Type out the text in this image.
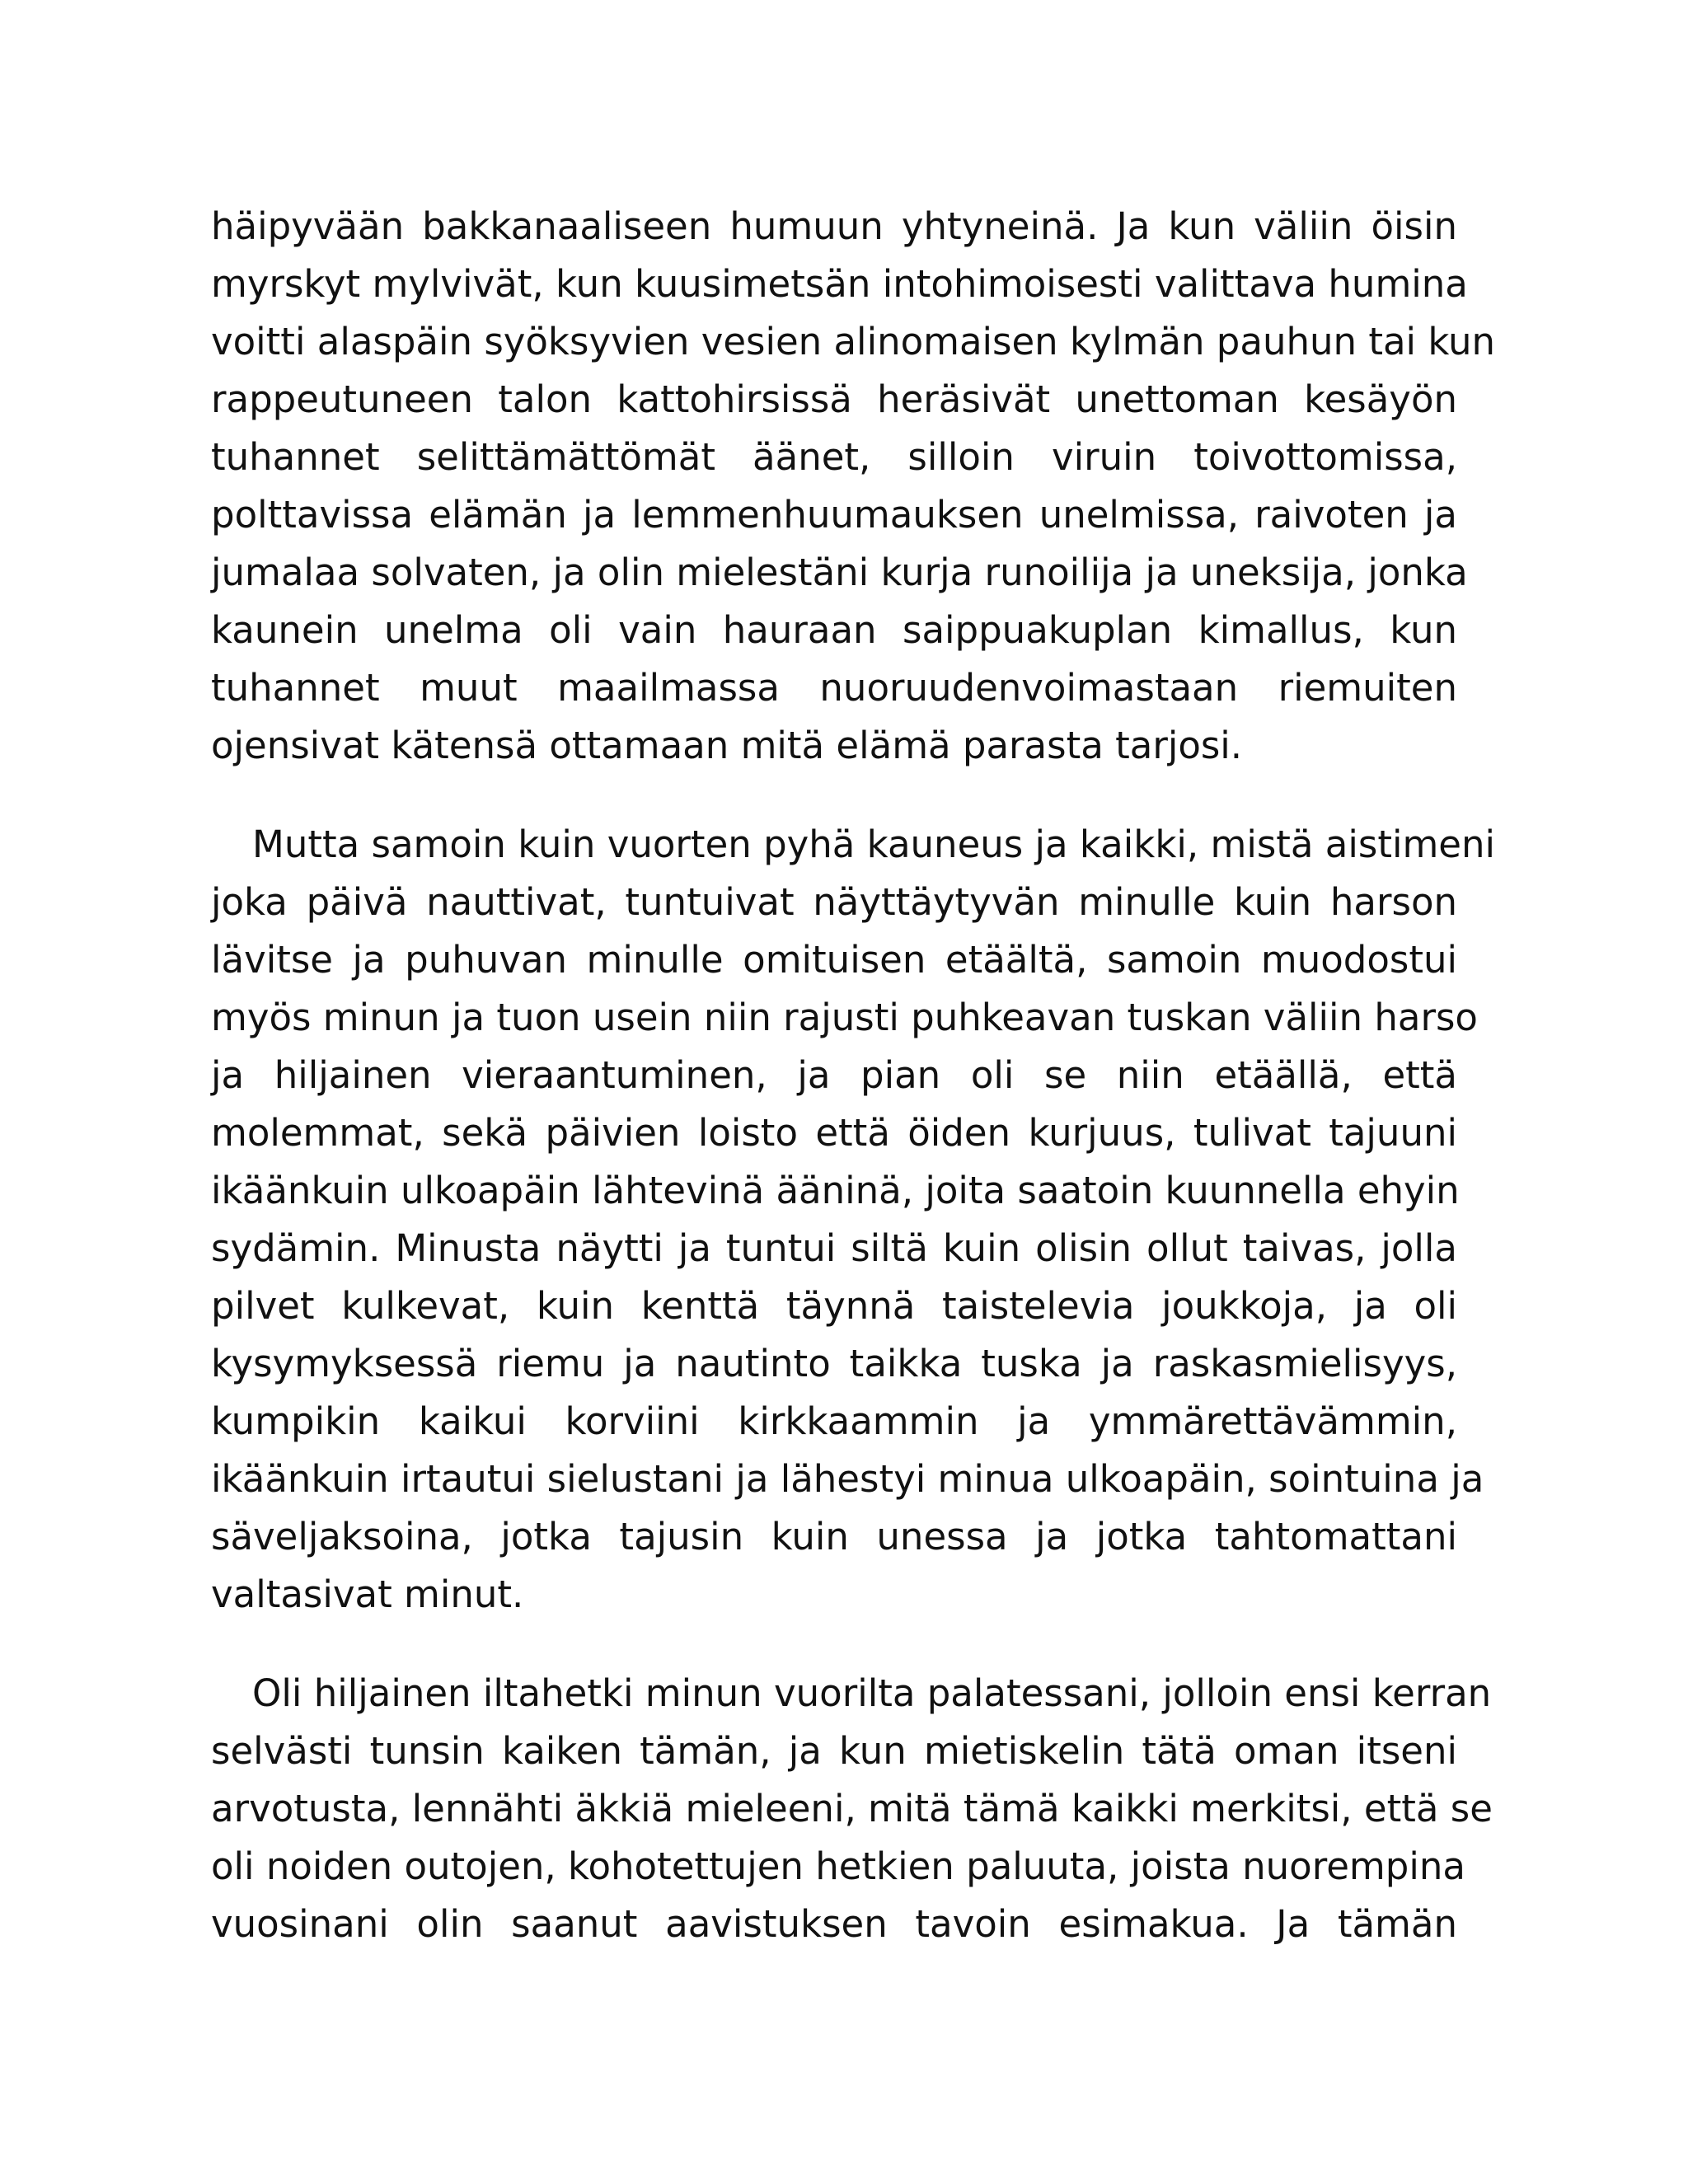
häipyvään bakkanaaliseen humuun yhtyneinä. Ja kun väliin öisin
myrskyt mylvivät, kun kuusimetsän intohimoisesti valittava humina
voitti alaspäin syöksyvien vesien alinomaisen kylmän pauhun tai kun
rappeutuneen talon kattohirsissä heräsivät unettoman kesäyön
tuhannet selittämättömät äänet, silloin viruin toivottomissa,
polttavissa elämän ja lemmenhuumauksen unelmissa, raivoten ja
jumalaa solvaten, ja olin mielestäni kurja runoilija ja uneksija, jonka
kaunein unelma oli vain hauraan saippuakuplan kimallus, kun
tuhannet muut maailmassa nuoruudenvoimastaan riemuiten
ojensivat kätensä ottamaan mitä elämä parasta tarjosi.
Mutta samoin kuin vuorten pyhä kauneus ja kaikki, mistä aistimeni
joka päivä nauttivat, tuntuivat näyttäytyvän minulle kuin harson
lävitse ja puhuvan minulle omituisen etäältä, samoin muodostui
myös minun ja tuon usein niin rajusti puhkeavan tuskan väliin harso
ja hiljainen vieraantuminen, ja pian oli se niin etäällä, että
molemmat, sekä päivien loisto että öiden kurjuus, tulivat tajuuni
ikäänkuin ulkoapäin lähtevinä ääninä, joita saatoin kuunnella ehyin
sydämin. Minusta näytti ja tuntui siltä kuin olisin ollut taivas, jolla
pilvet kulkevat, kuin kenttä täynnä taistelevia joukkoja, ja oli
kysymyksessä riemu ja nautinto taikka tuska ja raskasmielisyys,
kumpikin kaikui korviini kirkkaammin ja ymmärettävämmin,
ikäänkuin irtautui sielustani ja lähestyi minua ulkoapäin, sointuina ja
säveljaksoina, jotka tajusin kuin unessa ja jotka tahtomattani
valtasivat minut.
Oli hiljainen iltahetki minun vuorilta palatessani, jolloin ensi kerran
selvästi tunsin kaiken tämän, ja kun mietiskelin tätä oman itseni
arvotusta, lennähti äkkiä mieleeni, mitä tämä kaikki merkitsi, että se
oli noiden outojen, kohotettujen hetkien paluuta, joista nuorempina
vuosinani olin saanut aavistuksen tavoin esimakua. Ja tämän
